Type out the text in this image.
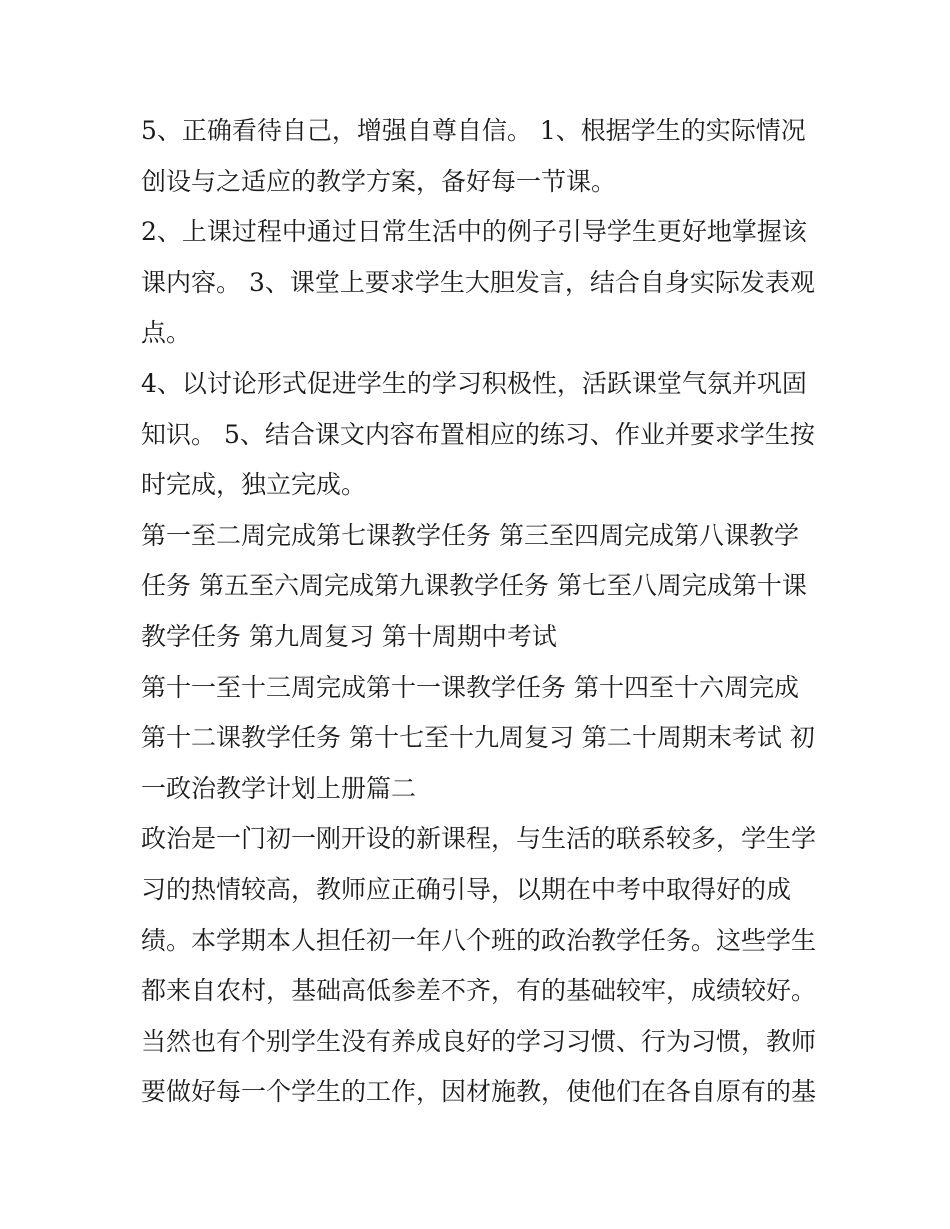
5、正确看待自己，增强自尊自信。 1、根据学生的实际情况
创设与之适应的教学方案，备好每一节课。
2、上课过程中通过日常生活中的例子引导学生更好地掌握该
课内容。 3、课堂上要求学生大胆发言，结合自身实际发表观
点。
4、以讨论形式促进学生的学习积极性，活跃课堂气氛并巩固
知识。 5、结合课文内容布置相应的练习、作业并要求学生按
时完成，独立完成。
第一至二周完成第七课教学任务 第三至四周完成第八课教学
任务 第五至六周完成第九课教学任务 第七至八周完成第十课
教学任务 第九周复习 第十周期中考试
第十一至十三周完成第十一课教学任务 第十四至十六周完成
第十二课教学任务 第十七至十九周复习 第二十周期末考试 初
一政治教学计划上册篇二
政治是一门初一刚开设的新课程，与生活的联系较多，学生学
习的热情较高，教师应正确引导，以期在中考中取得好的成
绩。本学期本人担任初一年八个班的政治教学任务。这些学生
都来自农村，基础高低参差不齐，有的基础较牢，成绩较好。
当然也有个别学生没有养成良好的学习习惯、行为习惯，教师
要做好每一个学生的工作，因材施教，使他们在各自原有的基
